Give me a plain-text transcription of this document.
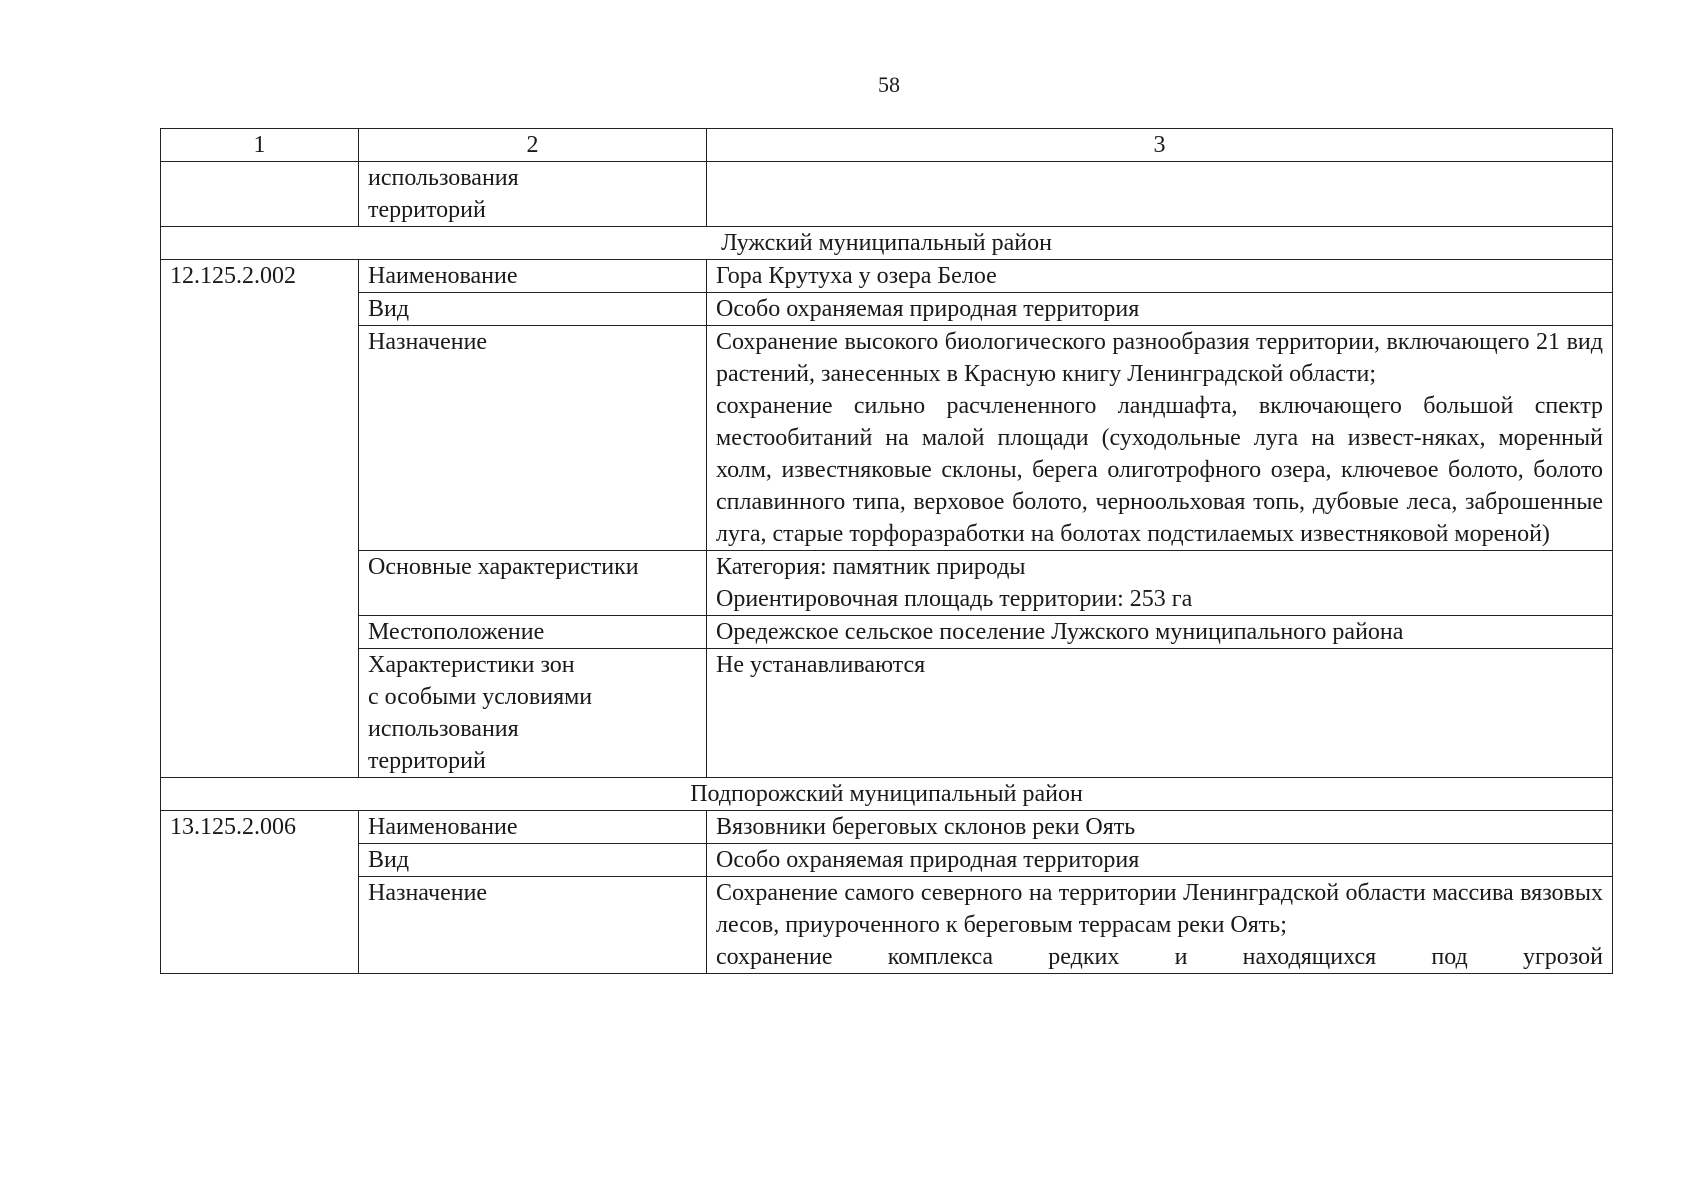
58
1	2	3

	использования
территорий	

Лужский муниципальный район		
12.125.2.002	Наименование	Гора Крутуха у озера Белое
	Вид	Особо охраняемая природная территория
	Назначение	Сохранение высокого биологического разнообразия территории, включающего 21 вид растений, занесенных в Красную книгу Ленинградской области;
сохранение сильно расчлененного ландшафта, включающего большой спектр местообитаний на малой площади (суходольные луга на извест-няках, моренный холм, известняковые склоны, берега олиготрофного озера, ключевое болото, болото сплавинного типа, верховое болото, черноольховая топь, дубовые леса, заброшенные луга, старые торфоразработки на болотах подстилаемых известняковой мореной)

	Основные характеристики	Категория: памятник природы
Ориентировочная площадь территории: 253 га

	Местоположение	Оредежское сельское поселение Лужского муниципального района

	Характеристики зон
с особыми условиями
использования
территорий	Не устанавливаются
Подпорожский муниципальный район		
13.125.2.006	Наименование	Вязовники береговых склонов реки Оять
	Вид	Особо охраняемая природная территория
	Назначение	Сохранение самого северного на территории Ленинградской области массива вязовых лесов, приуроченного к береговым террасам реки Оять;
сохранение комплекса редких и находящихся под угрозой
